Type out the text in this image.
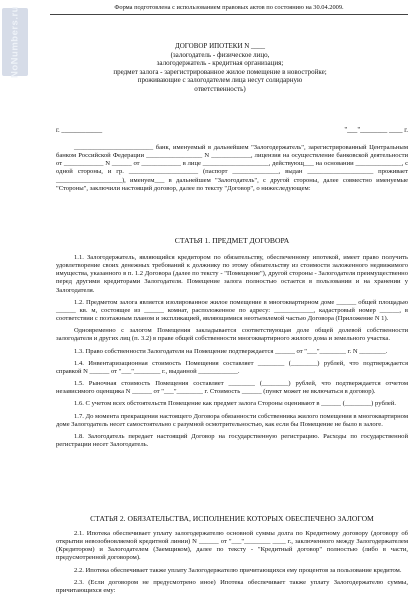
NoNumbers.ru	Форма подготовлена с использованием правовых актов по состоянию на 30.04.2009.
ДОГОВОР ИПОТЕКИ N ____
(залогодатель - физическое лицо,
залогодержатель - кредитная организация;
предмет залога - зарегистрированное жилое помещение в новостройке;
проживающие с залогодателем лица несут солидарную
ответственность)
г. ____________	"___"________ ____ г.

________________________ банк, именуемый в дальнейшем "Залогодержатель", зарегистрированный Центральным банком Российской Федерации _________________ N ____________, лицензия на осуществление банковской деятельности от ____________ N ______ от ____________ в лице ____________________, действующ___ на основании ______________, с одной стороны, и гр. _____________________ (паспорт ______________, выдан ____________________ проживает ____________________), именуем___ в дальнейшем "Залогодатель", с другой стороны, далее совместно именуемые "Стороны", заключили настоящий договор, далее по тексту "Договор", о нижеследующем:

СТАТЬЯ 1. ПРЕДМЕТ ДОГОВОРА

1.1. Залогодержатель, являющийся кредитором по обязательству, обеспеченному ипотекой, имеет право получить удовлетворение своих денежных требований к должнику по этому обязательству из стоимости заложенного недвижимого имущества, указанного в п. 1.2 Договора (далее по тексту - "Помещение"), другой стороны - Залогодателя преимущественно перед другими кредиторами Залогодателя. Помещение залога полностью остается в пользовании и на хранении у Залогодателя.

1.2. Предметом залога является изолированное жилое помещение в многоквартирном доме ______ общей площадью ______ кв. м, состоящее из ______ комнат, расположенное по адресу: ____________, кадастровый номер ______, в соответствии с поэтажным планом и экспликацией, являющимися неотъемлемой частью Договора (Приложение N 1).

Одновременно с залогом Помещения закладывается соответствующая доле общей долевой собственности залогодателя и других лиц (п. 3.2) в праве общей собственности многоквартирного жилого дома и земельного участка.

1.3. Право собственности Залогодателя на Помещение подтверждается ______ от "___"________ г. N ________.

1.4. Инвентаризационная стоимость Помещения составляет ________ (________) рублей, что подтверждается справкой N ______ от "___"________ г., выданной ____________.

1.5. Рыночная стоимость Помещения составляет ________ (________) рублей, что подтверждается отчетом независимого оценщика N ______ от "___"________ г. Стоимость ______ (пункт может не включаться в договор).

1.6. С учетом всех обстоятельств Помещение как предмет залога Стороны оценивают в ______ (________) рублей.

1.7. До момента прекращения настоящего Договора обязанности собственника жилого помещения в многоквартирном доме Залогодатель несет самостоятельно с разумной осмотрительностью, как если бы Помещение не было в залоге.

1.8. Залогодатель передает настоящий Договор на государственную регистрацию. Расходы по государственной регистрации несет Залогодатель.

СТАТЬЯ 2. ОБЯЗАТЕЛЬСТВА, ИСПОЛНЕНИЕ КОТОРЫХ ОБЕСПЕЧЕНО ЗАЛОГОМ

2.1. Ипотека обеспечивает уплату залогодержателю основной суммы долга по Кредитному договору (договору об открытии невозобновляемой кредитной линии) N ______ от "___"________ ____ г., заключенного между Залогодержателем (Кредитором) и Залогодателем (Заемщиком), далее по тексту - "Кредитный договор" полностью (либо в части, предусмотренной договором).

2.2. Ипотека обеспечивает также уплату Залогодержателю причитающихся ему процентов за пользование кредитом.

2.3. (Если договором не предусмотрено иное) Ипотека обеспечивает также уплату Залогодержателю суммы, причитающихся ему:
